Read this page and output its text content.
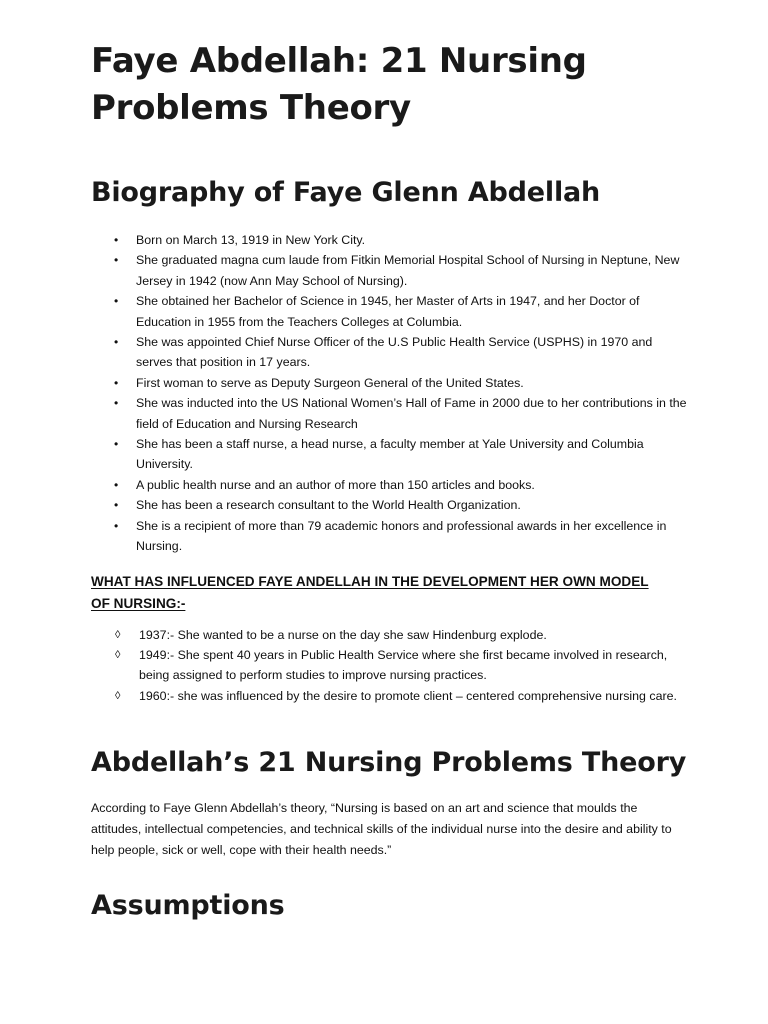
Faye Abdellah: 21 Nursing Problems Theory
Biography of Faye Glenn Abdellah
• Born on March 13, 1919 in New York City.
• She graduated magna cum laude from Fitkin Memorial Hospital School of Nursing in Neptune, New Jersey in 1942 (now Ann May School of Nursing).
• She obtained her Bachelor of Science in 1945, her Master of Arts in 1947, and her Doctor of Education in 1955 from the Teachers Colleges at Columbia.
• She was appointed Chief Nurse Officer of the U.S Public Health Service (USPHS) in 1970 and serves that position in 17 years.
• First woman to serve as Deputy Surgeon General of the United States.
• She was inducted into the US National Women’s Hall of Fame in 2000 due to her contributions in the field of Education and Nursing Research
• She has been a staff nurse, a head nurse, a faculty member at Yale University and Columbia University.
• A public health nurse and an author of more than 150 articles and books.
• She has been a research consultant to the World Health Organization.
• She is a recipient of more than 79 academic honors and professional awards in her excellence in Nursing.
WHAT HAS INFLUENCED FAYE ANDELLAH IN THE DEVELOPMENT HER OWN MODEL OF NURSING:-
◊ 1937:- She wanted to be a nurse on the day she saw Hindenburg explode.
◊ 1949:- She spent 40 years in Public Health Service where she first became involved in research, being assigned to perform studies to improve nursing practices.
◊ 1960:- she was influenced by the desire to promote client – centered comprehensive nursing care.
Abdellah’s 21 Nursing Problems Theory

According to Faye Glenn Abdellah’s theory, “Nursing is based on an art and science that moulds the attitudes, intellectual competencies, and technical skills of the individual nurse into the desire and ability to help people, sick or well, cope with their health needs.”

Assumptions
